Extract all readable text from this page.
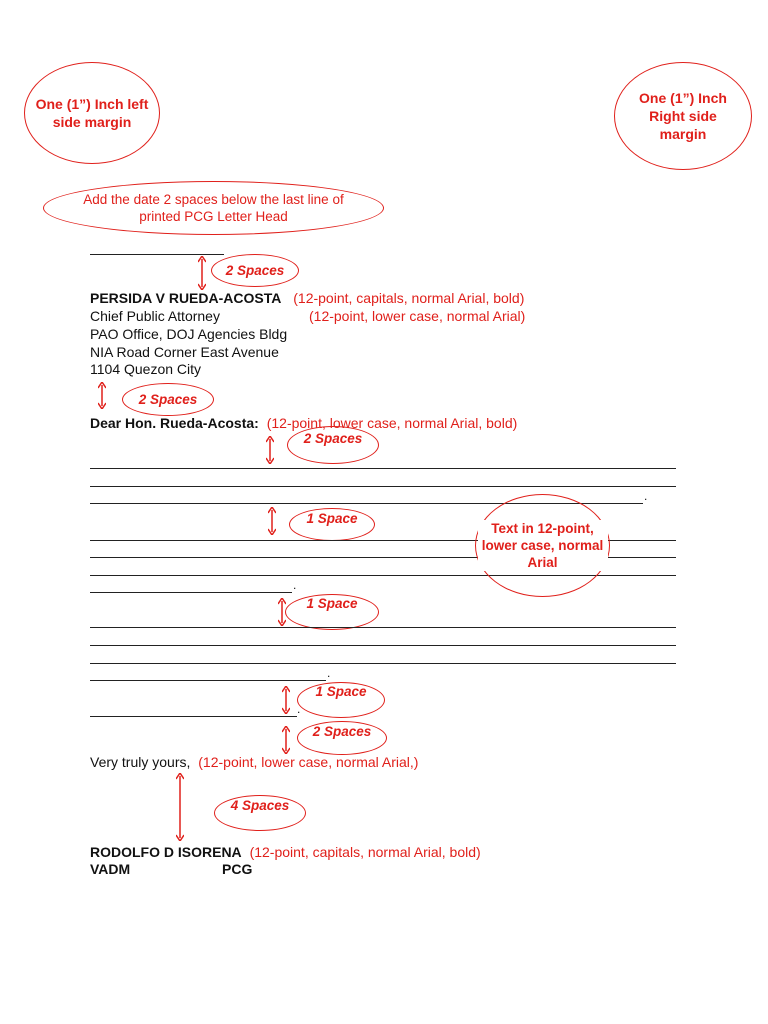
One (1”) Inch left side margin
One (1”) Inch Right side margin
Add the date 2 spaces below the last line of printed PCG Letter Head
2 Spaces
PERSIDA V RUEDA-ACOSTA (12-point, capitals, normal Arial, bold)
Chief Public Attorney	(12-point, lower case, normal Arial)
PAO Office, DOJ Agencies Bldg
NIA Road Corner East Avenue
1104 Quezon City
2 Spaces
Dear Hon. Rueda-Acosta: (12-point, lower case, normal Arial, bold)
2 Spaces
.
1 Space
.
Text in 12-point, lower case, normal Arial
1 Space
.
1 Space
.
2 Spaces
Very truly yours, (12-point, lower case, normal Arial,)
4 Spaces
RODOLFO D ISORENA (12-point, capitals, normal Arial, bold)
VADM	PCG
